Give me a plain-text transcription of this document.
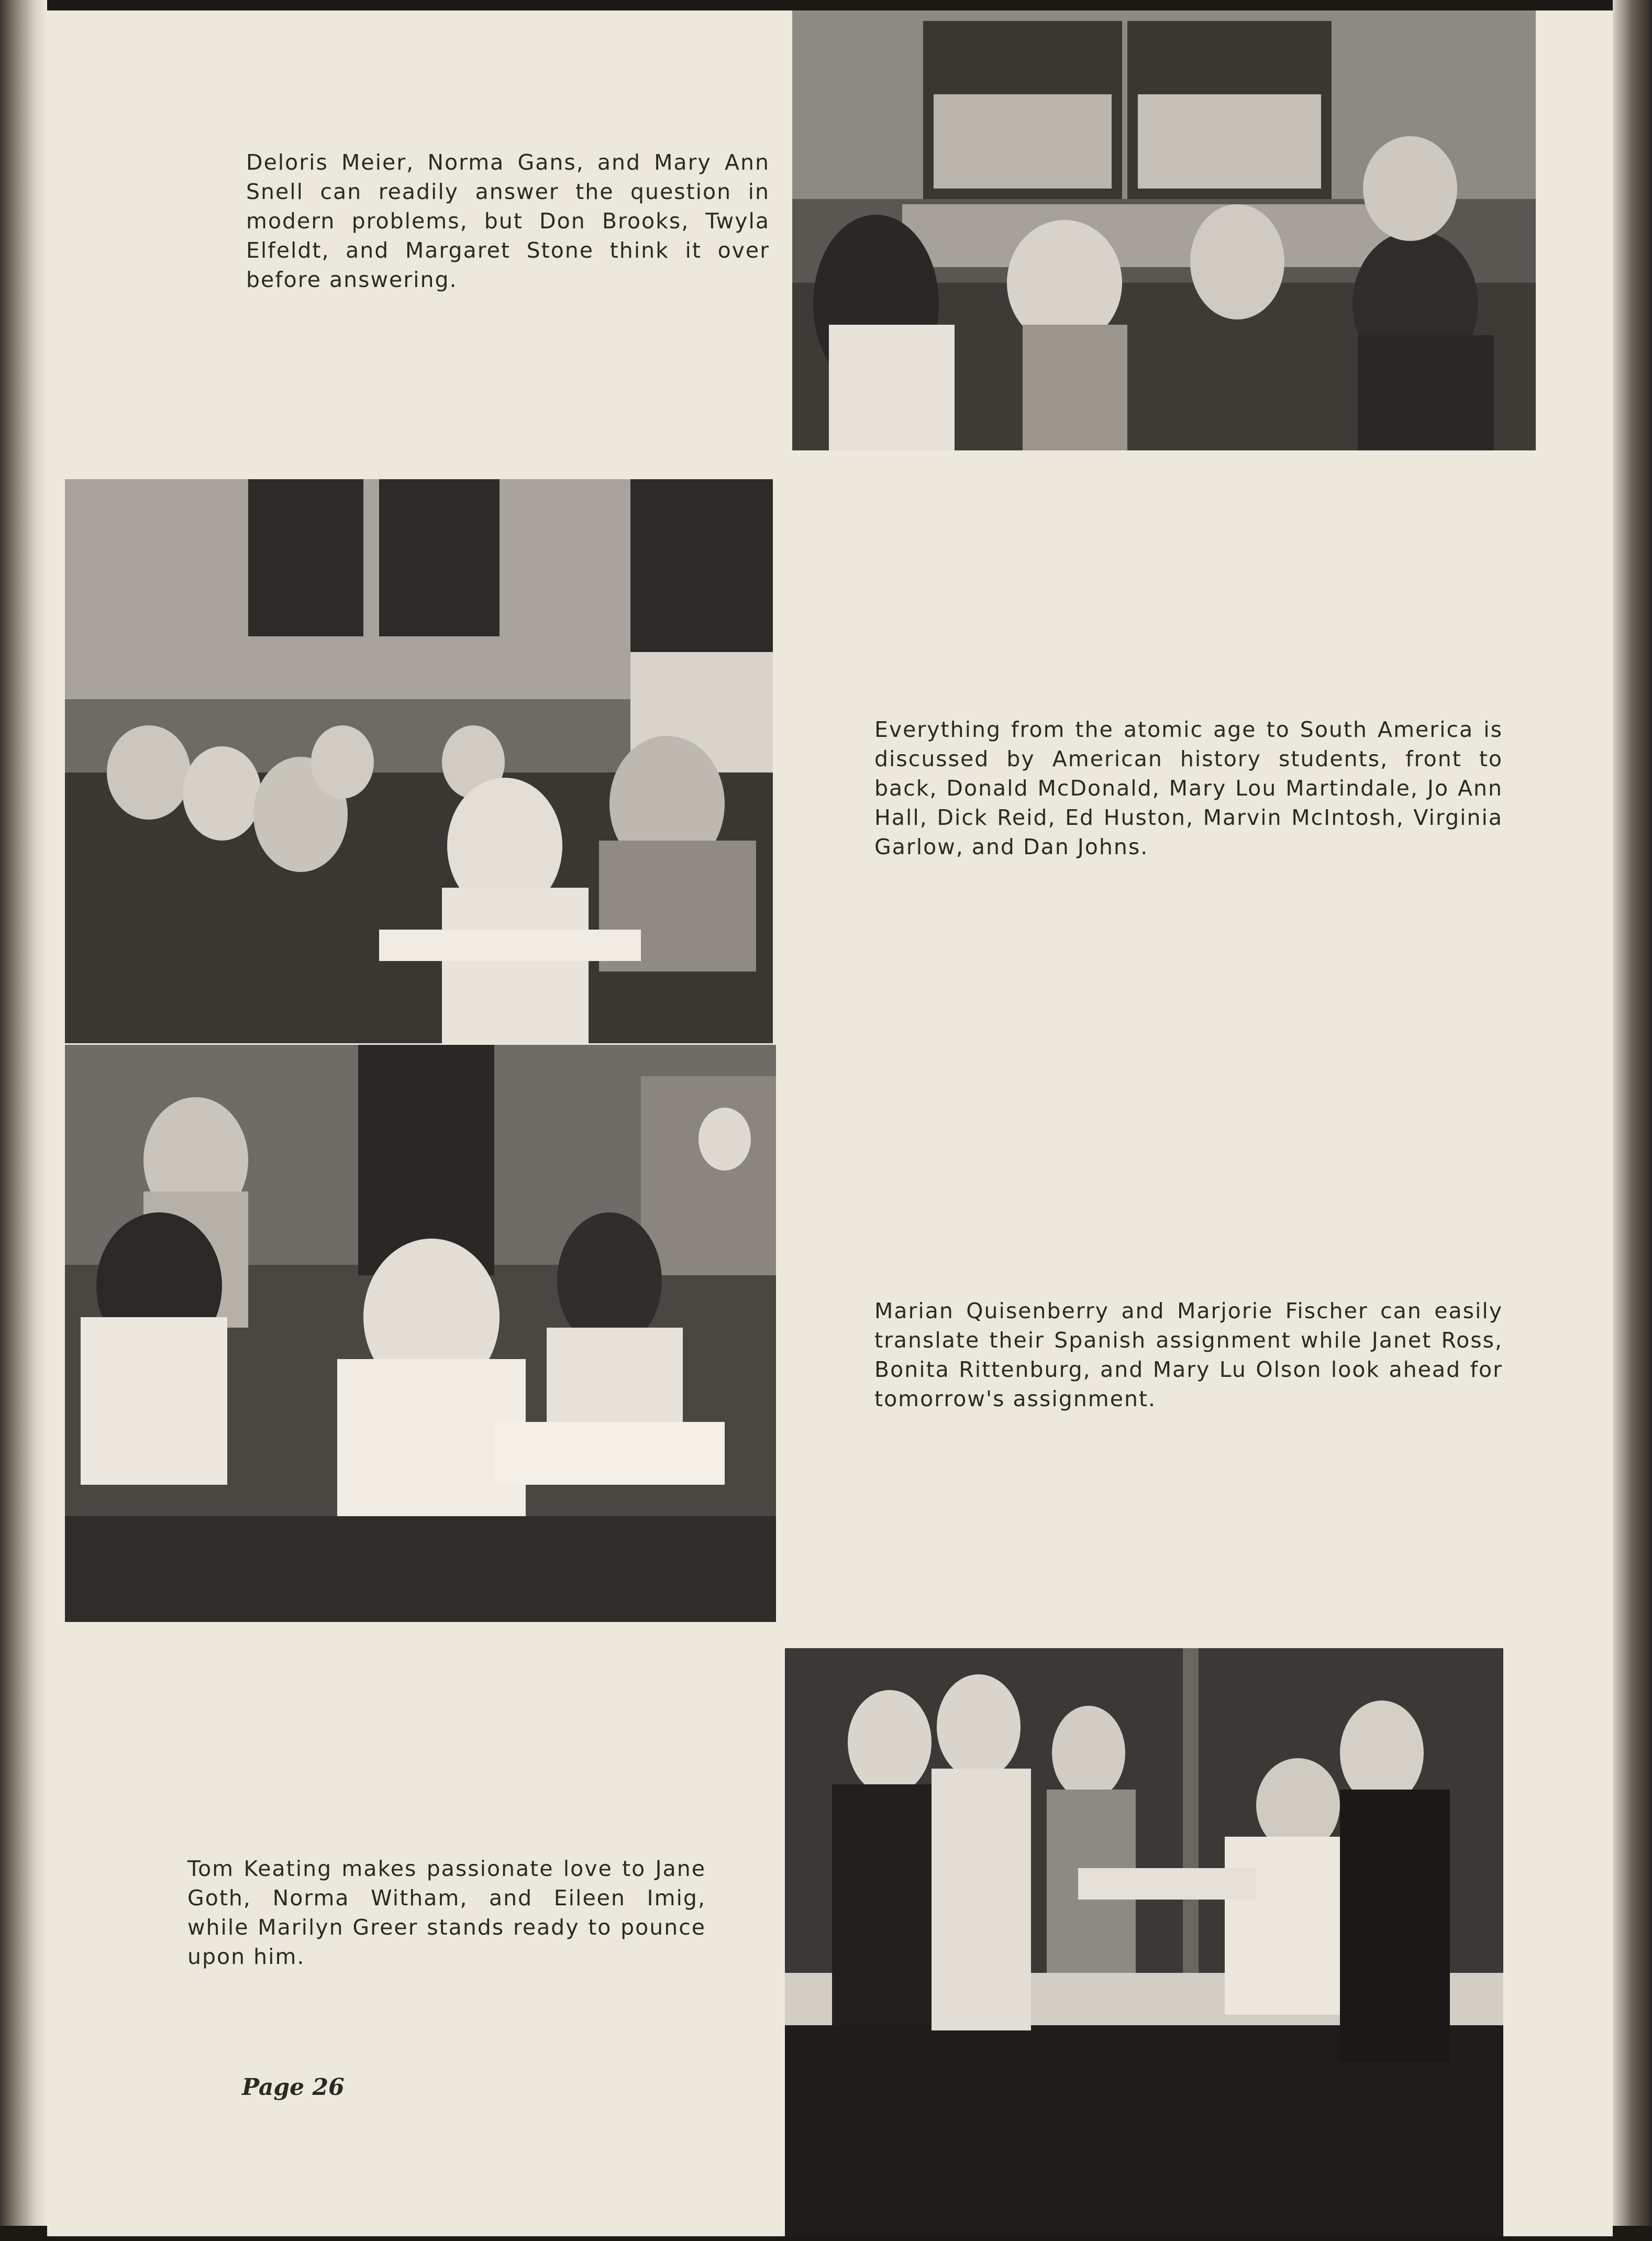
Deloris Meier, Norma Gans, and Mary Ann Snell can readily answer the question in modern problems, but Don Brooks, Twyla Elfeldt, and Margaret Stone think it over before answering.

Everything from the atomic age to South America is discussed by American history students, front to back, Donald McDonald, Mary Lou Martindale, Jo Ann Hall, Dick Reid, Ed Huston, Marvin McIntosh, Virginia Garlow, and Dan Johns.

Marian Quisenberry and Marjorie Fischer can easily translate their Spanish assignment while Janet Ross, Bonita Rittenburg, and Mary Lu Olson look ahead for tomorrow's assignment.

Tom Keating makes passionate love to Jane Goth, Norma Witham, and Eileen Imig, while Marilyn Greer stands ready to pounce upon him.

Page 26
